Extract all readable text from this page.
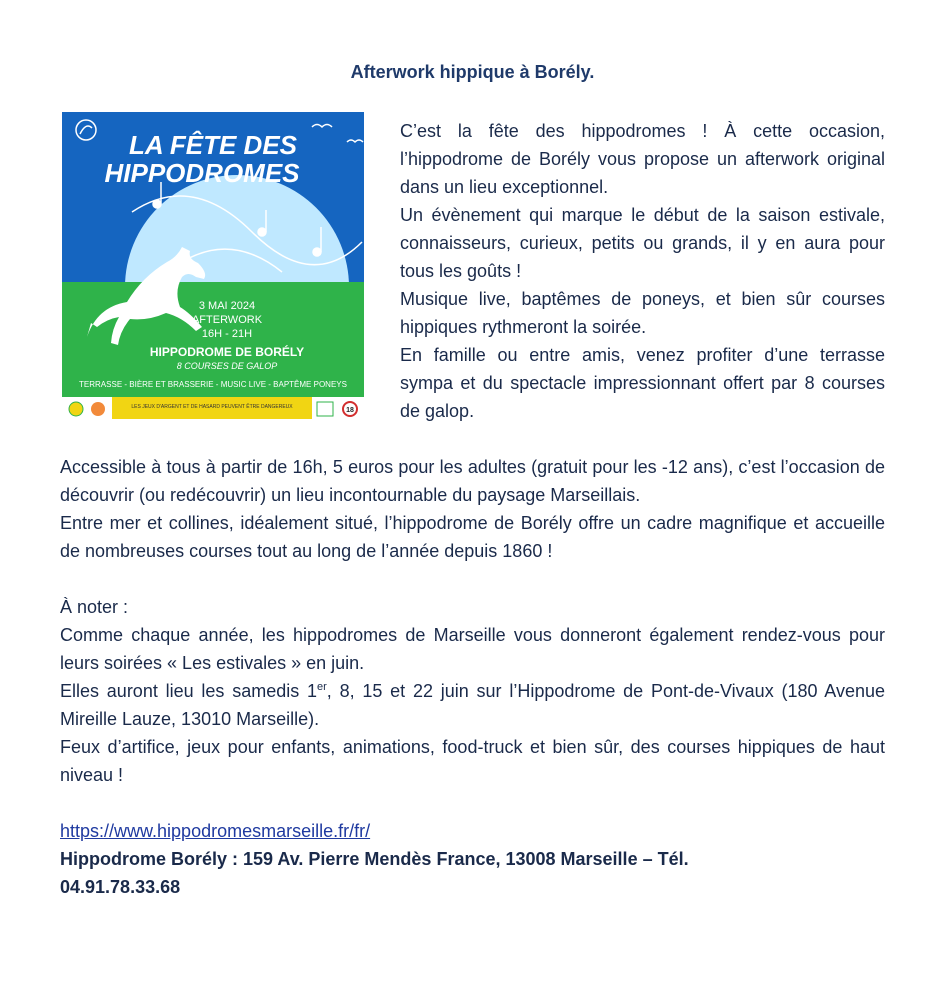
Afterwork hippique à Borély.
LA FÊTE DES
HIPPODROMES
3 MAI 2024
AFTERWORK
16H - 21H
HIPPODROME DE BORÉLY
8 COURSES DE GALOP
TERRASSE - BIÈRE ET BRASSERIE - MUSIC LIVE - BAPTÊME PONEYS
LES JEUX D'ARGENT ET DE HASARD PEUVENT ÊTRE DANGEREUX	18

C’est la fête des hippodromes ! À cette occasion, l’hippodrome de Borély vous propose un afterwork original dans un lieu exceptionnel.

Un évènement qui marque le début de la saison estivale, connaisseurs, curieux, petits ou grands, il y en aura pour tous les goûts !

Musique live, baptêmes de poneys, et bien sûr courses hippiques rythmeront la soirée.

En famille ou entre amis, venez profiter d’une terrasse sympa et du spectacle impressionnant offert par 8 courses de galop.

Accessible à tous à partir de 16h, 5 euros pour les adultes (gratuit pour les -12 ans), c’est l’occasion de découvrir (ou redécouvrir) un lieu incontournable du paysage Marseillais.

Entre mer et collines, idéalement situé, l’hippodrome de Borély offre un cadre magnifique et accueille de nombreuses courses tout au long de l’année depuis 1860 !

À noter :

Comme chaque année, les hippodromes de Marseille vous donneront également rendez-vous pour leurs soirées « Les estivales » en juin.

Elles auront lieu les samedis 1er, 8, 15 et 22 juin sur l’Hippodrome de Pont-de-Vivaux (180 Avenue Mireille Lauze, 13010 Marseille).

Feux d’artifice, jeux pour enfants, animations, food-truck et bien sûr, des courses hippiques de haut niveau !

https://www.hippodromesmarseille.fr/fr/

Hippodrome Borély : 159 Av. Pierre Mendès France, 13008 Marseille – Tél.

04.91.78.33.68
